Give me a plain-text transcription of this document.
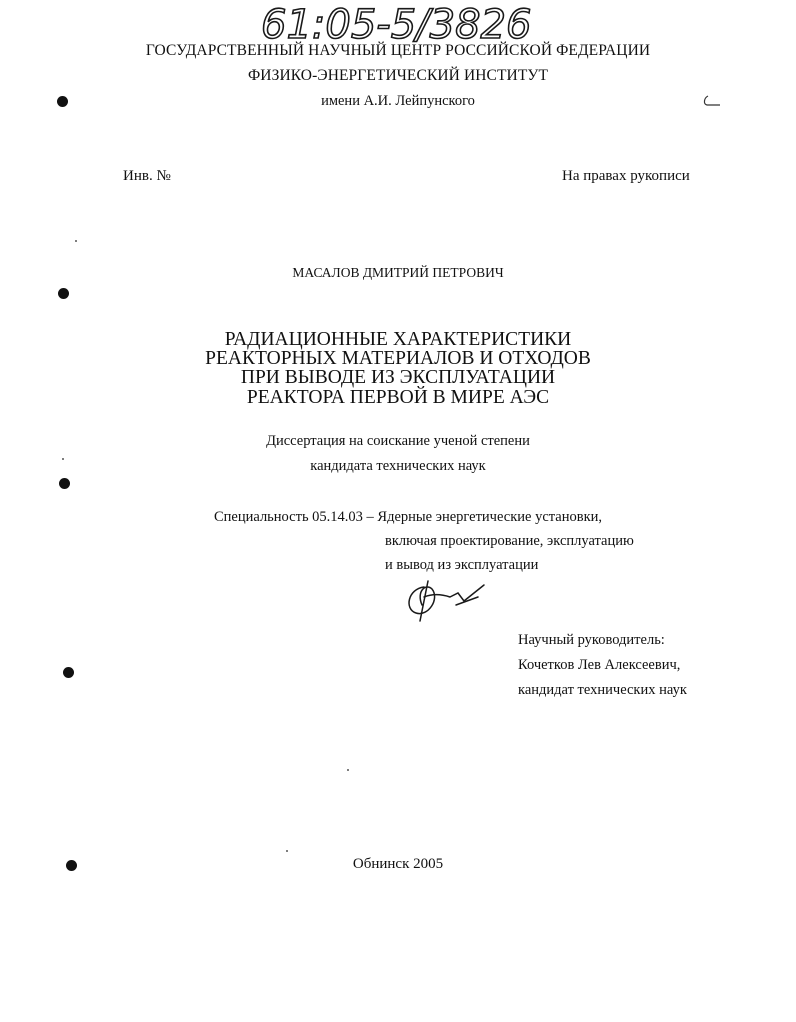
61:05-5/3826
ГОСУДАРСТВЕННЫЙ НАУЧНЫЙ ЦЕНТР РОССИЙСКОЙ ФЕДЕРАЦИИ
ФИЗИКО-ЭНЕРГЕТИЧЕСКИЙ ИНСТИТУТ
имени А.И. Лейпунского
Инв. №	На правах рукописи
МАСАЛОВ ДМИТРИЙ ПЕТРОВИЧ
РАДИАЦИОННЫЕ ХАРАКТЕРИСТИКИ
РЕАКТОРНЫХ МАТЕРИАЛОВ И ОТХОДОВ
ПРИ ВЫВОДЕ ИЗ ЭКСПЛУАТАЦИИ
РЕАКТОРА ПЕРВОЙ В МИРЕ АЭС
Диссертация на соискание ученой степени
кандидата технических наук
Специальность 05.14.03 – Ядерные энергетические установки,
включая проектирование, эксплуатацию
и вывод из эксплуатации
Научный руководитель:
Кочетков Лев Алексеевич,
кандидат технических наук
Обнинск 2005
